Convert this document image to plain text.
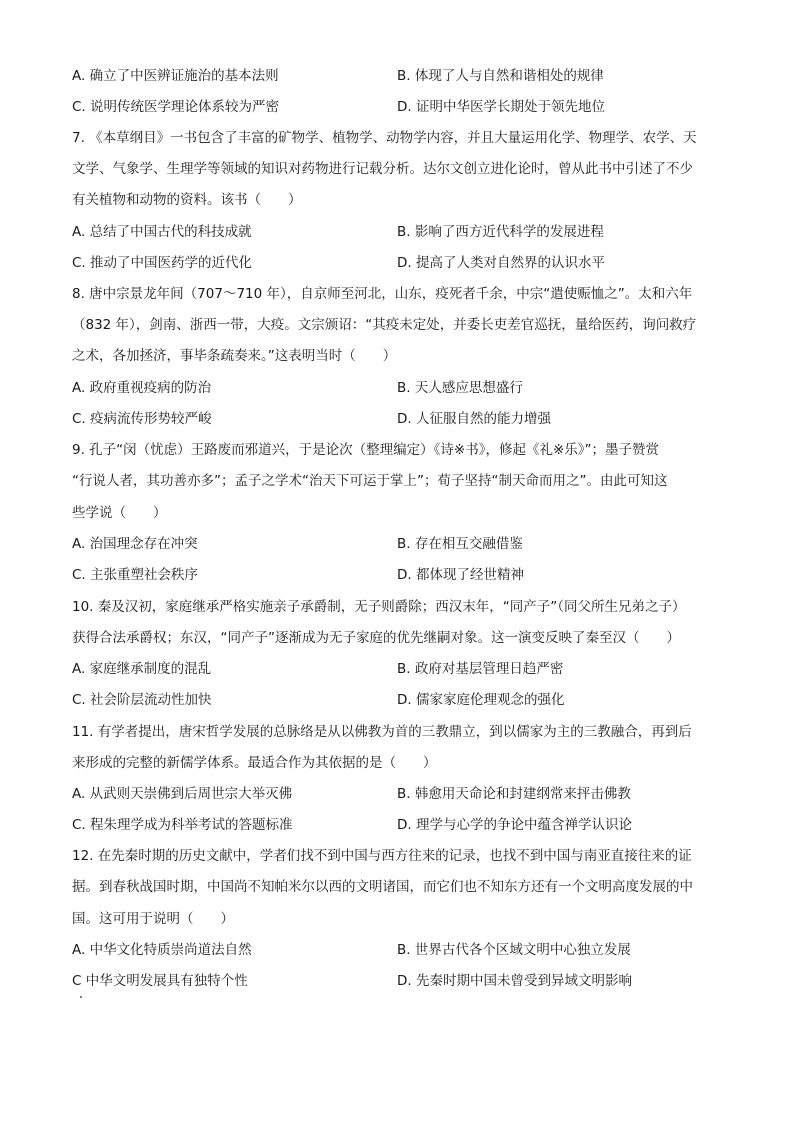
A. 确立了中医辨证施治的基本法则	B. 体现了人与自然和谐相处的规律
C. 说明传统医学理论体系较为严密	D. 证明中华医学长期处于领先地位
7. 《本草纲目》一书包含了丰富的矿物学、植物学、动物学内容，并且大量运用化学、物理学、农学、天
文学、气象学、生理学等领域的知识对药物进行记载分析。达尔文创立进化论时，曾从此书中引述了不少
有关植物和动物的资料。该书（　　）
A. 总结了中国古代的科技成就	B. 影响了西方近代科学的发展进程
C. 推动了中国医药学的近代化	D. 提高了人类对自然界的认识水平
8. 唐中宗景龙年间（707～710 年），自京师至河北，山东，疫死者千余，中宗“遣使赈恤之”。太和六年
（832 年），剑南、浙西一带，大疫。文宗颁诏：“其疫未定处，并委长吏差官巡抚，量给医药，询问救疗
之术，各加拯济，事毕条疏奏来。”这表明当时（　　）
A. 政府重视疫病的防治	B. 天人感应思想盛行
C. 疫病流传形势较严峻	D. 人征服自然的能力增强
9. 孔子“闵（忧虑）王路废而邪道兴，于是论次（整理编定）《诗※书》，修起《礼※乐》”；墨子赞赏
“行说人者，其功善亦多”；孟子之学术“治天下可运于掌上”；荀子坚持“制天命而用之”。由此可知这
些学说（　　）
A. 治国理念存在冲突	B. 存在相互交融借鉴
C. 主张重塑社会秩序	D. 都体现了经世精神
10. 秦及汉初，家庭继承严格实施亲子承爵制，无子则爵除；西汉末年，“同产子”（同父所生兄弟之子）
获得合法承爵权；东汉，“同产子”逐渐成为无子家庭的优先继嗣对象。这一演变反映了秦至汉（　　）
A. 家庭继承制度的混乱	B. 政府对基层管理日趋严密
C. 社会阶层流动性加快	D. 儒家家庭伦理观念的强化
11. 有学者提出，唐宋哲学发展的总脉络是从以佛教为首的三教鼎立，到以儒家为主的三教融合，再到后
来形成的完整的新儒学体系。最适合作为其依据的是（　　）
A. 从武则天崇佛到后周世宗大举灭佛	B. 韩愈用天命论和封建纲常来抨击佛教
C. 程朱理学成为科举考试的答题标准	D. 理学与心学的争论中蕴含禅学认识论
12. 在先秦时期的历史文献中，学者们找不到中国与西方往来的记录，也找不到中国与南亚直接往来的证
据。到春秋战国时期，中国尚不知帕米尔以西的文明诸国，而它们也不知东方还有一个文明高度发展的中
国。这可用于说明（　　）
A. 中华文化特质崇尚道法自然	B. 世界古代各个区域文明中心独立发展
C 中华文明发展具有独特个性	D. 先秦时期中国未曾受到异域文明影响
